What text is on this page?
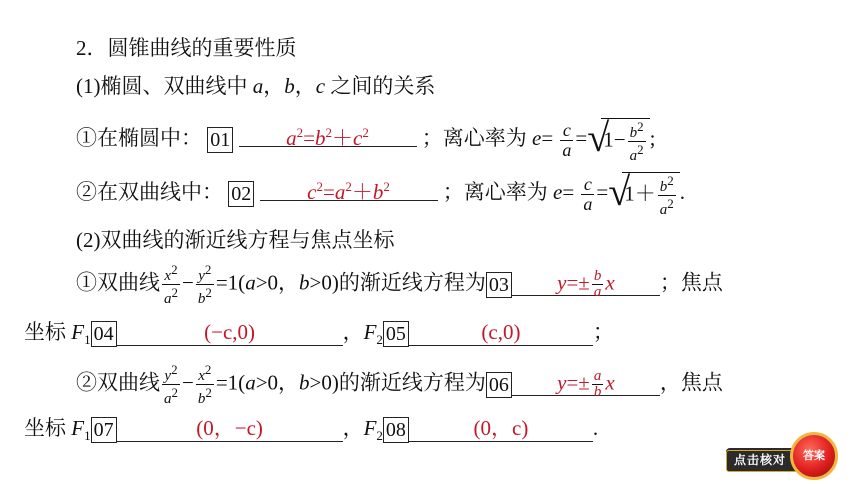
2．圆锥曲线的重要性质
(1)椭圆、双曲线中 a，b，c 之间的关系
①在椭圆中： 01	$a^2=b^2+c^2$	；离心率为 $e= \frac{c}{a}$ = √
$1- \frac{b^2}{a^2}$ ;
②在双曲线中： 02	$c^2=a^2+b^2$	；离心率为 $e= \frac{c}{a}$ = √
$1+ \frac{b^2}{a^2}$ .
(2)双曲线的渐近线方程与焦点坐标
①双曲线 $\frac{x^2}{a^2} - \frac{y^2}{b^2} =1(a>0$，b>0)的渐近线方程为 03 $y=\pm \frac{b}{a}$ x ；焦点
坐标 $F_1$ 04	(−c,0)	，$F_2$ 05	(c,0)	；
②双曲线 $\frac{y^2}{a^2} - \frac{x^2}{b^2} =1(a>0$，b>0)的渐近线方程为 06 $y=\pm \frac{a}{b}$ x ，焦点
坐标 $F_1$ 07	(0，−c)	，$F_2$ 08	(0，c)	.
点击核对	答案
